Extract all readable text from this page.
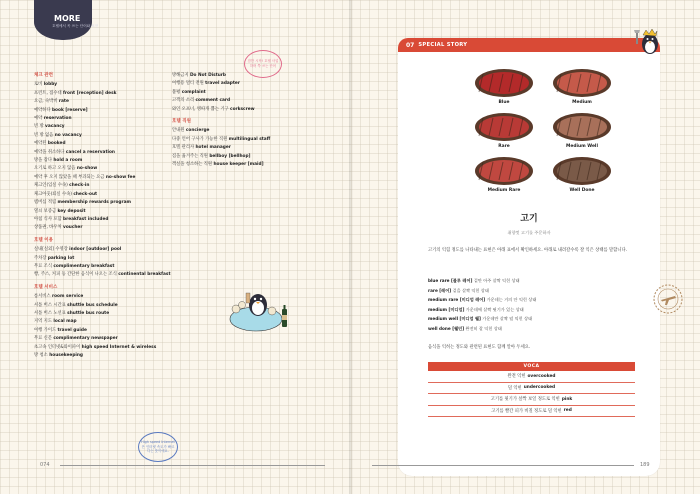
MORE
호텔에서 꼭 쓰는 단어와 표현
체크 관련
로비 lobby
프런트, 접수대 front [reception] desk
요금, 숙박비 rate
예약하다 book [reserve]
예약 reservation
빈 방 vacancy
빈 방 없음 no vacancy
예약된 booked
예약을 취소하다 cancel a reservation
방을 잡다 hold a room
오기로 하고 오지 않음 no-show
예약 후 오지 않았을 때 부과되는 요금 no-show fee
체크인(입실 수속) check-in
체크아웃(퇴실 수속) check-out
멤버십 적립 membership rewards program
열쇠 보증금 key deposit
아침 식사 포함 breakfast included
상품권, 바우처 voucher
호텔 이용
실내[실외] 수영장 indoor [outdoor] pool
주차장 parking lot
무료 조식 complimentary breakfast
빵, 주스, 커피 등 간단한 음식이 나오는 조식 continental breakfast
호텔 서비스
룸서비스 room service
셔틀 버스 시간표 shuttle bus schedule
셔틀 버스 노선표 shuttle bus route
지역 지도 local map
여행 가이드 travel guide
무료 신문 complimentary newspaper
초고속 인터넷&와이파이 high speed Internet & wireless
방 청소 housekeeping
방해금지 Do Not Disturb
여행용 멀티 전원 travel adapter
불평 complaint
고객의 소리 comment card
와인 오프너, 병따개 뽑는 기구 corkscrew
호텔 직원
안내원 concierge
다중 언어 구사가 가능한 직원 multilingual staff
호텔 관리자 hotel manager
짐을 옮겨주는 직원 bellboy [bellhop]
객실을 청소하는 직원 house keeper [maid]
잠깐 시작! 호텔 사업하며 쭉 쓰는 단어
High speed Internet은 인터넷 속도가 빠르다는 뜻이에요.
074
07 SPECIAL STORY
Blue	Medium
Rare	Medium Well
Medium Rare	Well Done
고기
취향껏 고기를 주문하자
고기의 익힘 정도를 나타내는 표현은 아래 표에서 확인하세요. 아래로 내려갈수록 잘 익은 상태를 말합니다.
blue rare [블루 레어] 겉만 아주 살짝 익힌 상태
rare [레어] 겉을 살짝 익힌 상태
medium rare [미디엄 레어] 가운데는 거의 안 익힌 상태
medium [미디엄] 가운데에 살짝 핏기가 있는 상태
medium well [미디엄 웰] 가운데만 살짝 덜 익힌 상태
well done [웰던] 완전히 잘 익힌 상태
음식을 익히는 정도와 관련된 표현도 함께 알아 두세요.
VOCA
완전 익힌 overcooked
덜 익힌 undercooked
고기를 핏기가 살짝 보일 정도로 익힌 pink
고기를 빨간 피가 비칠 정도로 덜 익힌 red
189
